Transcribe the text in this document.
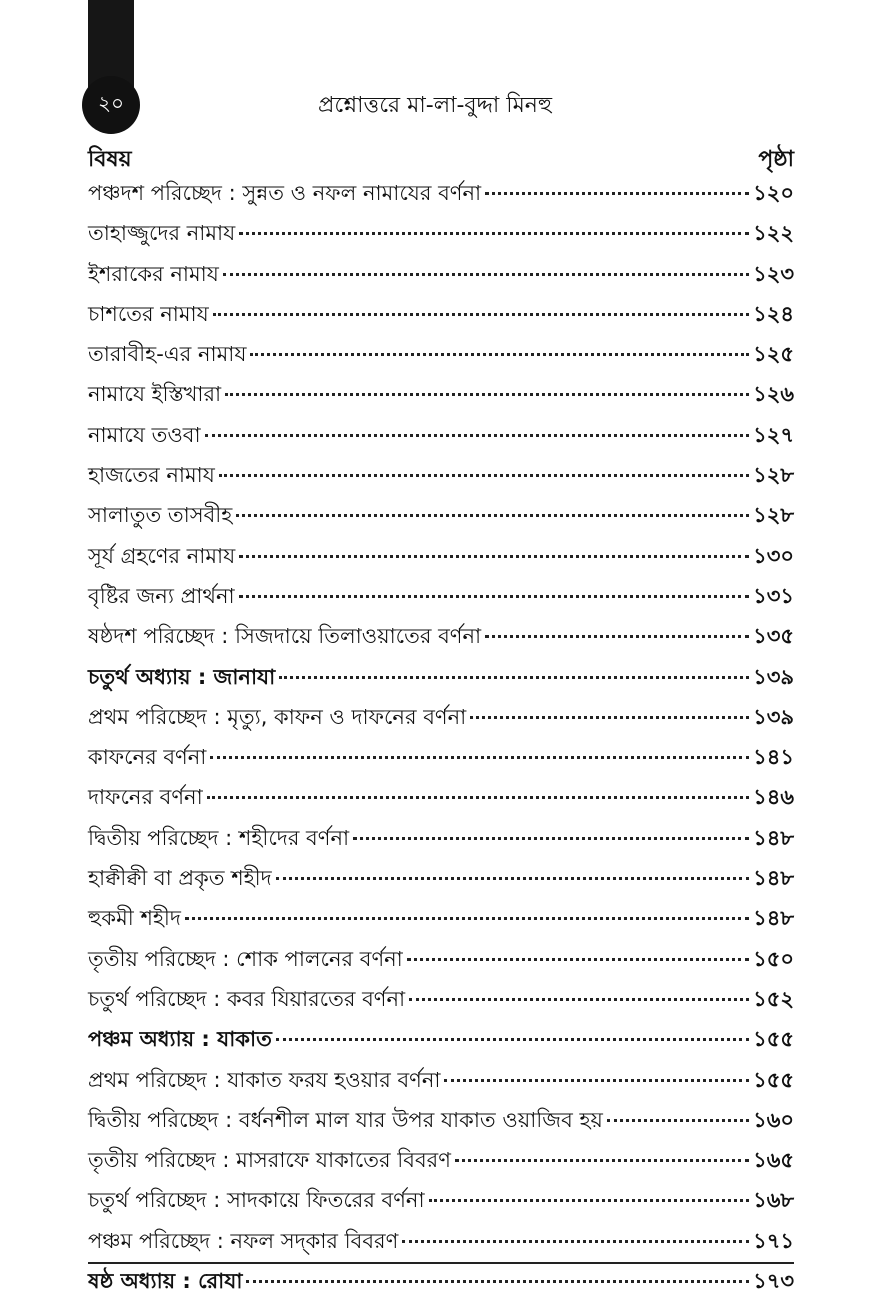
২০	প্রশ্নোত্তরে মা-লা-বুদ্দা মিনহু
বিষয়	পৃষ্ঠা
পঞ্চদশ পরিচ্ছেদ : সুন্নত ও নফল নামাযের বর্ণনা	১২০
তাহাজ্জুদের নামায	১২২
ইশরাকের নামায	১২৩
চাশতের নামায	১২৪
তারাবীহ-এর নামায	১২৫
নামাযে ইস্তিখারা	১২৬
নামাযে তওবা	১২৭
হাজতের নামায	১২৮
সালাতুত তাসবীহ	১২৮
সূর্য গ্রহণের নামায	১৩০
বৃষ্টির জন্য প্রার্থনা	১৩১
ষষ্ঠদশ পরিচ্ছেদ : সিজদায়ে তিলাওয়াতের বর্ণনা	১৩৫
চতুর্থ অধ্যায় : জানাযা	১৩৯
প্রথম পরিচ্ছেদ : মৃত্যু, কাফন ও দাফনের বর্ণনা	১৩৯
কাফনের বর্ণনা	১৪১
দাফনের বর্ণনা	১৪৬
দ্বিতীয় পরিচ্ছেদ : শহীদের বর্ণনা	১৪৮
হাক্বীক্বী বা প্রকৃত শহীদ	১৪৮
হুকমী শহীদ	১৪৮
তৃতীয় পরিচ্ছেদ : শোক পালনের বর্ণনা	১৫০
চতুর্থ পরিচ্ছেদ : কবর যিয়ারতের বর্ণনা	১৫২
পঞ্চম অধ্যায় : যাকাত	১৫৫
প্রথম পরিচ্ছেদ : যাকাত ফরয হওয়ার বর্ণনা	১৫৫
দ্বিতীয় পরিচ্ছেদ : বর্ধনশীল মাল যার উপর যাকাত ওয়াজিব হয়	১৬০
তৃতীয় পরিচ্ছেদ : মাসরাফে যাকাতের বিবরণ	১৬৫
চতুর্থ পরিচ্ছেদ : সাদকায়ে ফিতরের বর্ণনা	১৬৮
পঞ্চম পরিচ্ছেদ : নফল সদ্কার বিবরণ	১৭১
ষষ্ঠ অধ্যায় : রোযা	১৭৩
